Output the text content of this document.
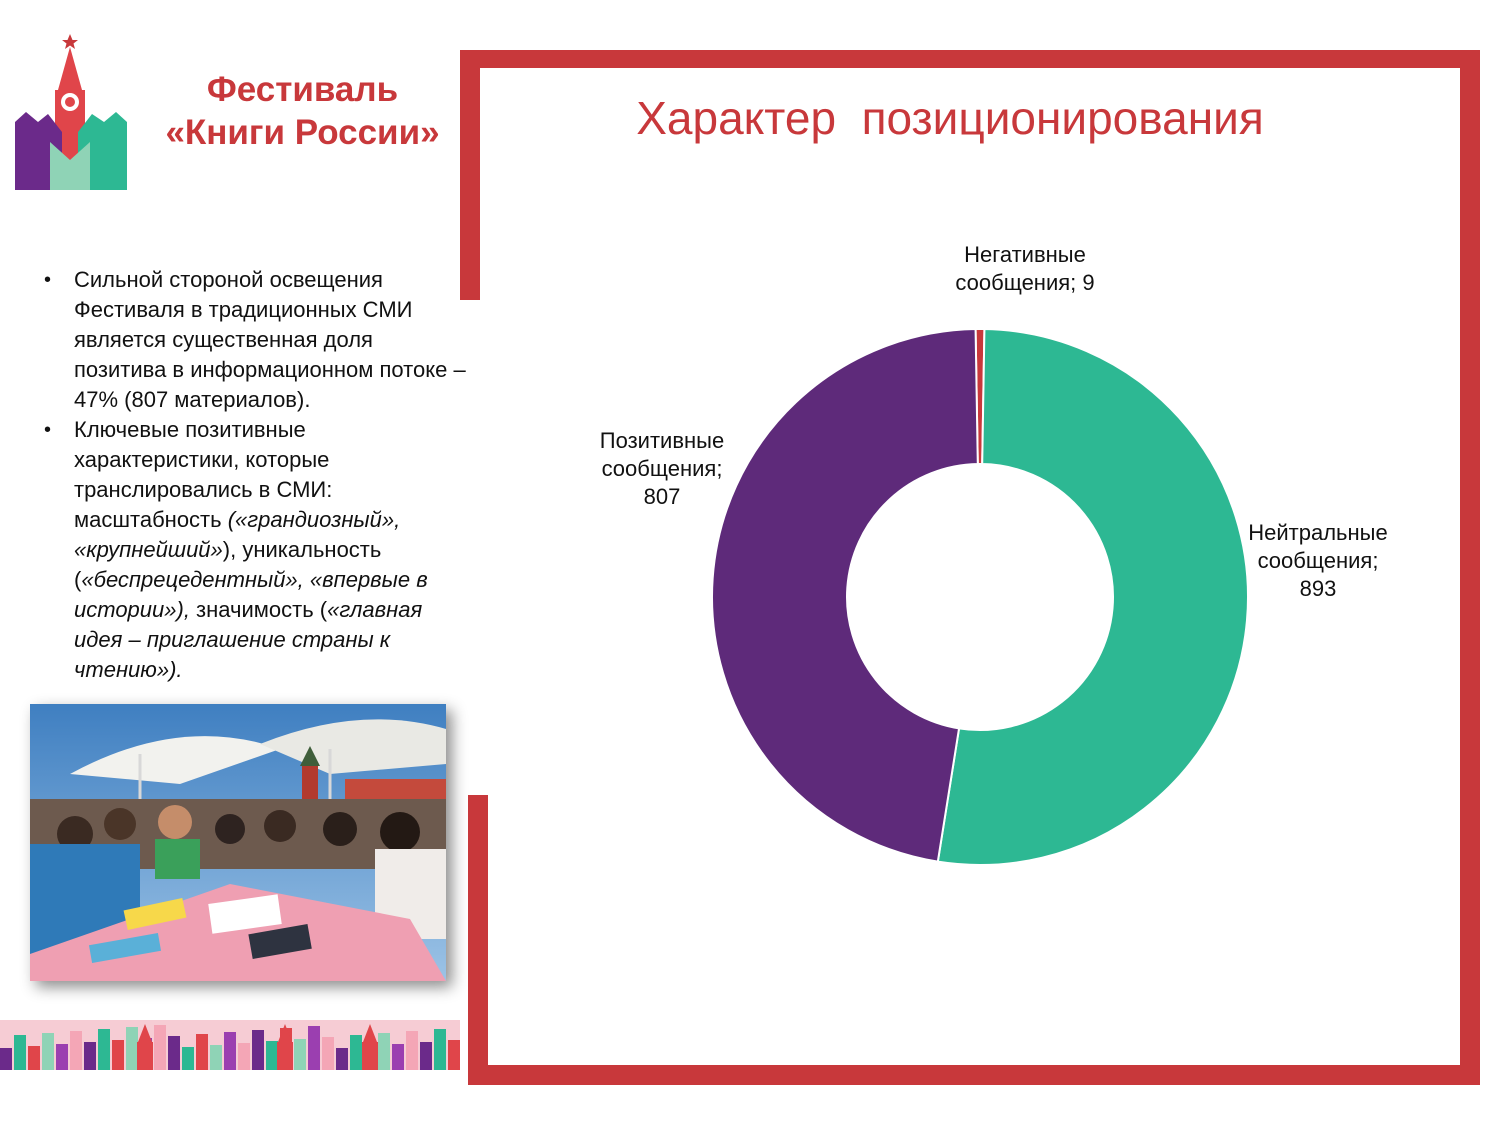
Фестиваль
«Книги России»
• Сильной стороной освещения Фестиваля в традиционных СМИ является существенная доля позитива в информационном потоке – 47% (807 материалов).
• Ключевые позитивные характеристики, которые транслировались в СМИ: масштабность («грандиозный», «крупнейший»), уникальность («беспрецедентный», «впервые в истории»), значимость («главная идея – приглашение страны к чтению»).
Характер  позиционирования
Негативные сообщения; 9
Нейтральные сообщения; 893
Позитивные сообщения; 807
